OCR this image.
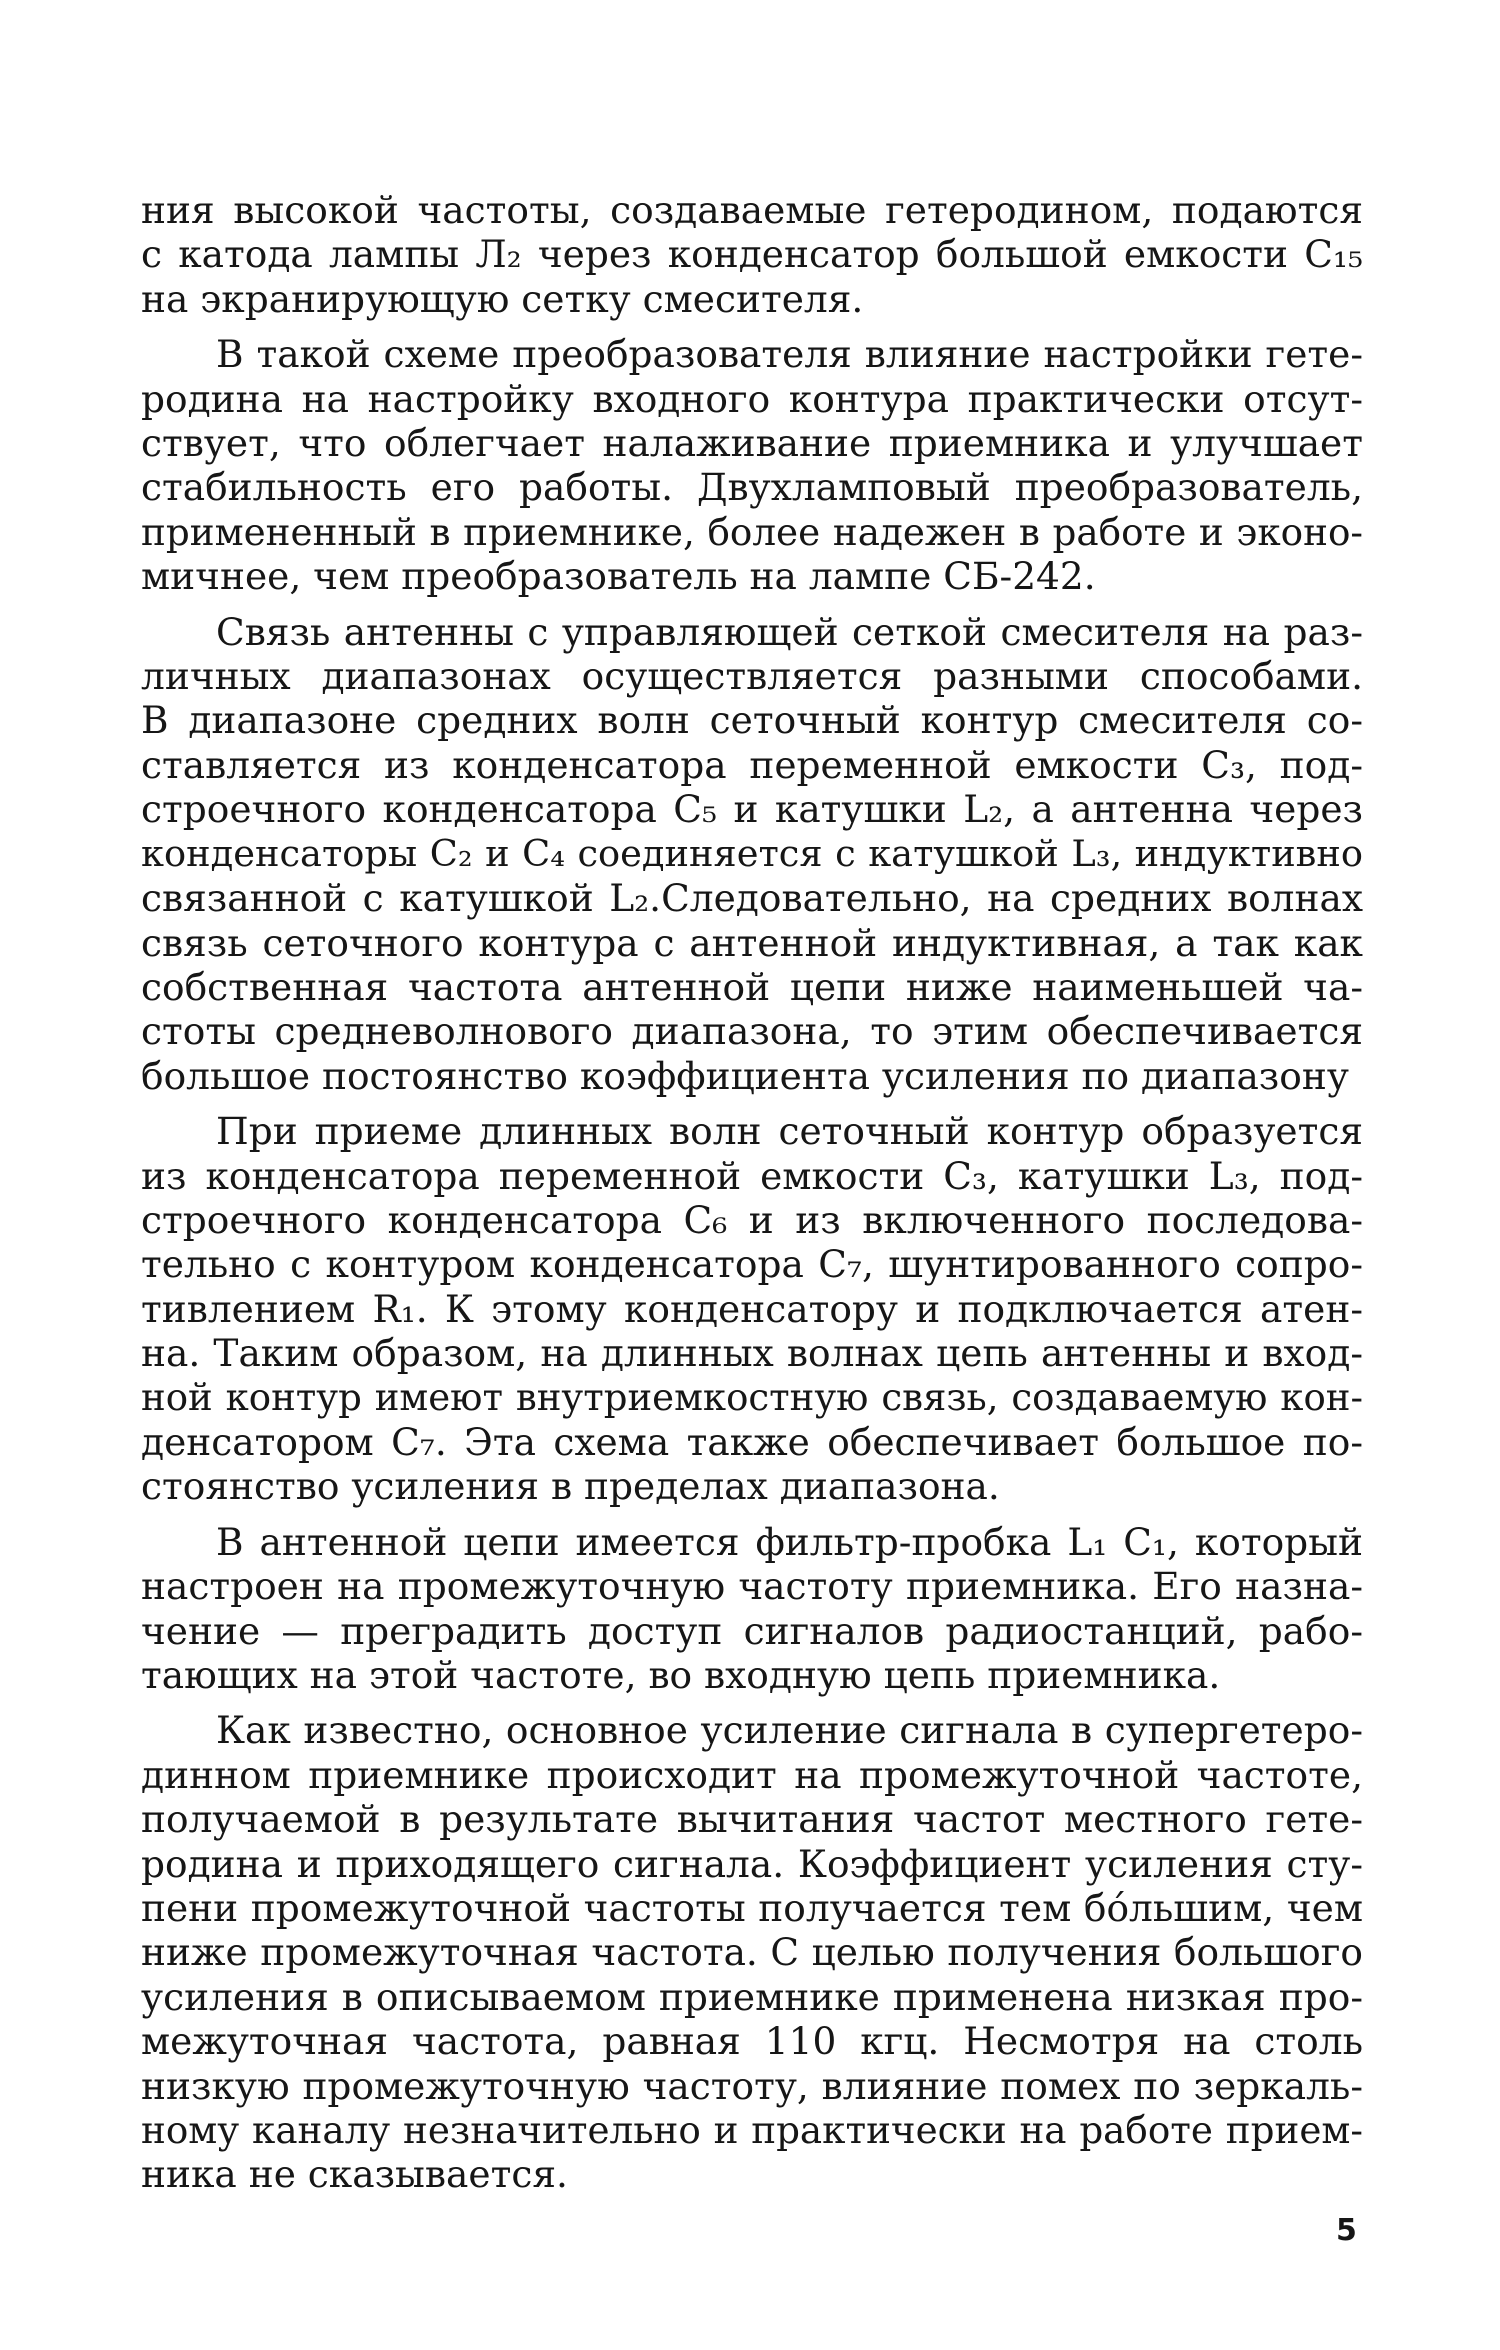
ния высокой частоты, создаваемые гетеродином, подаются
с катода лампы Л₂ через конденсатор большой емкости C₁₅
на экранирующую сетку смесителя.
В такой схеме преобразователя влияние настройки гете-
родина на настройку входного контура практически отсут-
ствует, что облегчает налаживание приемника и улучшает
стабильность его работы. Двухламповый преобразователь,
примененный в приемнике, более надежен в работе и эконо-
мичнее, чем преобразователь на лампе СБ-242.
Связь антенны с управляющей сеткой смесителя на раз-
личных диапазонах осуществляется разными способами.
В диапазоне средних волн сеточный контур смесителя со-
ставляется из конденсатора переменной емкости C₃, под-
строечного конденсатора C₅ и катушки L₂, а антенна через
конденсаторы C₂ и C₄ соединяется с катушкой L₃, индуктивно
связанной с катушкой L₂.Следовательно, на средних волнах
связь сеточного контура с антенной индуктивная, а так как
собственная частота антенной цепи ниже наименьшей ча-
стоты средневолнового диапазона, то этим обеспечивается
большое постоянство коэффициента усиления по диапазону
При приеме длинных волн сеточный контур образуется
из конденсатора переменной емкости C₃, катушки L₃, под-
строечного конденсатора C₆ и из включенного последова-
тельно с контуром конденсатора C₇, шунтированного сопро-
тивлением R₁. К этому конденсатору и подключается атен-
на. Таким образом, на длинных волнах цепь антенны и вход-
ной контур имеют внутриемкостную связь, создаваемую кон-
денсатором C₇. Эта схема также обеспечивает большое по-
стоянство усиления в пределах диапазона.
В антенной цепи имеется фильтр-пробка L₁ C₁, который
настроен на промежуточную частоту приемника. Его назна-
чение — преградить доступ сигналов радиостанций, рабо-
тающих на этой частоте, во входную цепь приемника.
Как известно, основное усиление сигнала в супергетеро-
динном приемнике происходит на промежуточной частоте,
получаемой в результате вычитания частот местного гете-
родина и приходящего сигнала. Коэффициент усиления сту-
пени промежуточной частоты получается тем бо́льшим, чем
ниже промежуточная частота. С целью получения большого
усиления в описываемом приемнике применена низкая про-
межуточная частота, равная 110 кгц. Несмотря на столь
низкую промежуточную частоту, влияние помех по зеркаль-
ному каналу незначительно и практически на работе прием-
ника не сказывается.
5
